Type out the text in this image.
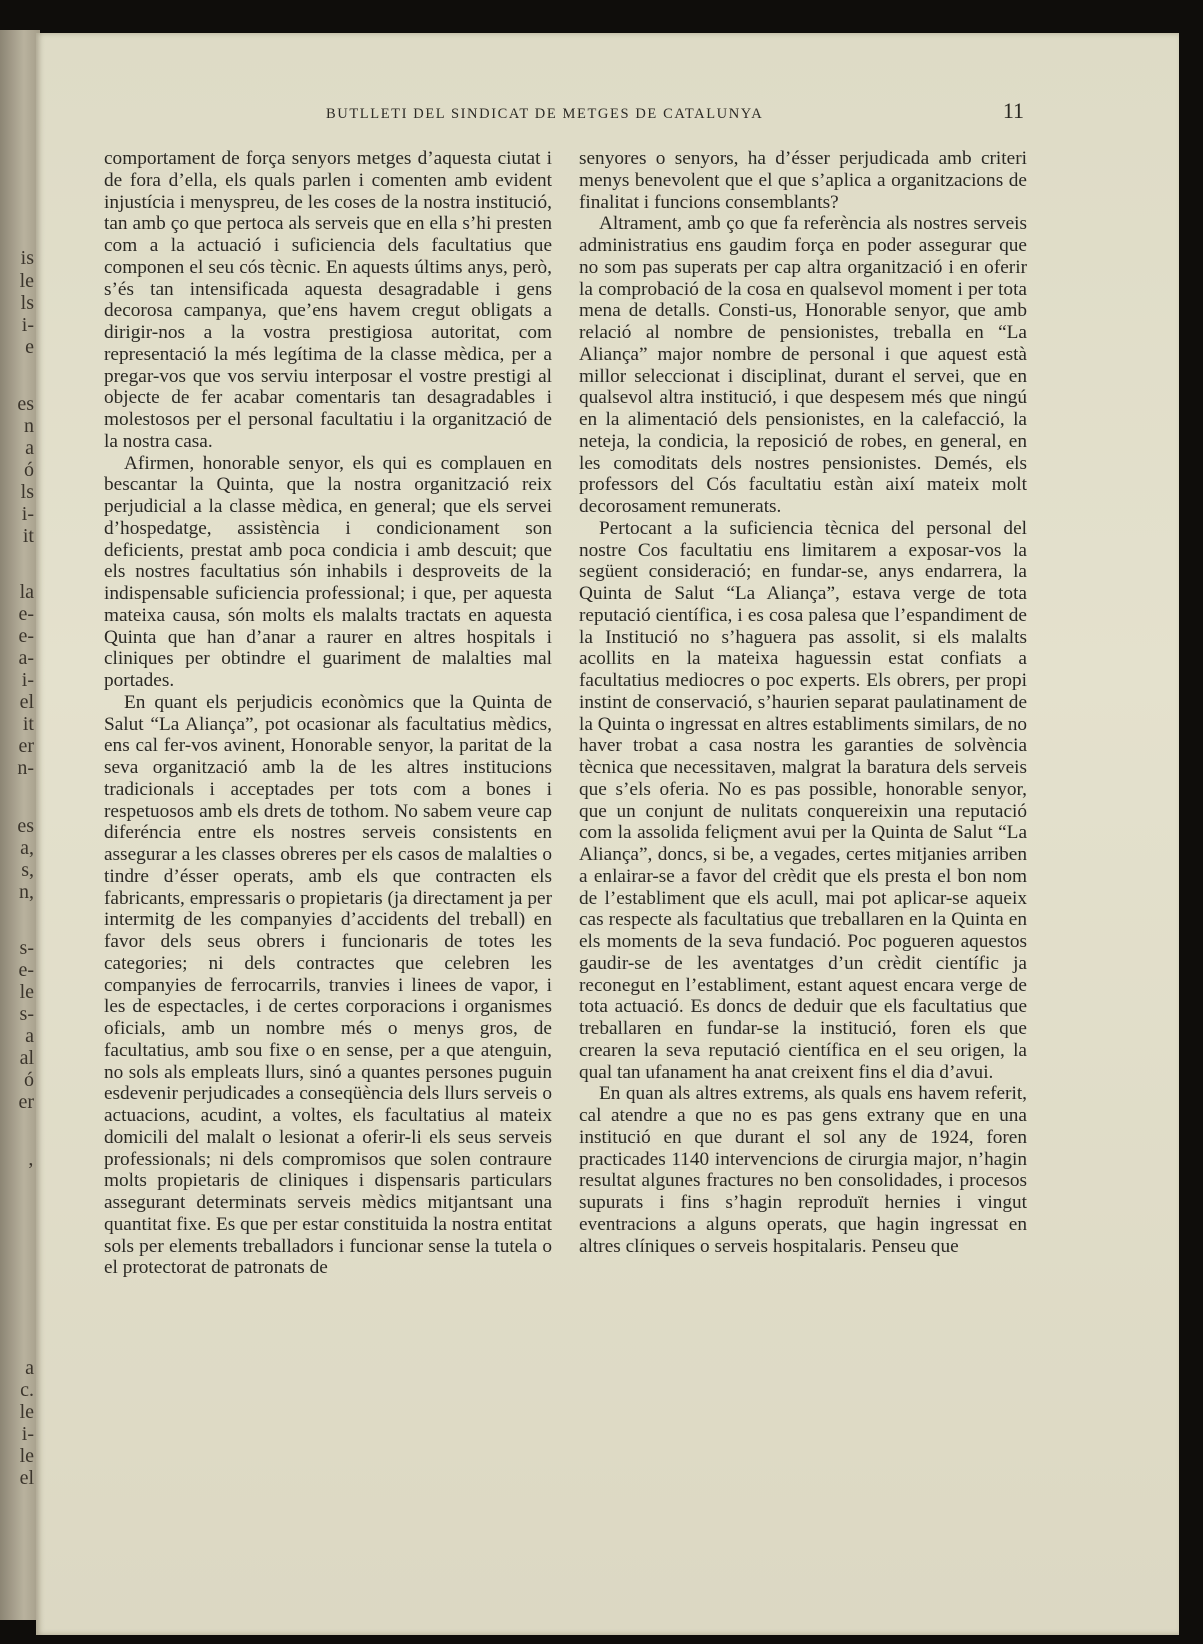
is
le
ls
i-
e
es
n
a
ó
ls
i-
it
la
e-
e-
a-
i-
el
it
er
n-
es
a,
s,
n,
s-
e-
le
s-
a
al
ó
er
’
a
c.
le
i-
le
el
BUTLLETI DEL SINDICAT DE METGES DE CATALUNYA	11

comportament de força senyors metges d’aquesta ciutat i de fora d’ella, els quals parlen i comenten amb evident injustícia i menyspreu, de les coses de la nostra institució, tan amb ço que pertoca als serveis que en ella s’hi presten com a la actuació i suficiencia dels facultatius que componen el seu cós tècnic. En aquests últims anys, però, s’és tan intensificada aquesta desagradable i gens decorosa campanya, que’ens havem cregut obligats a dirigir-nos a la vostra prestigiosa autoritat, com representació la més legítima de la classe mèdica, per a pregar-vos que vos serviu interposar el vostre prestigi al objecte de fer acabar comentaris tan desagradables i molestosos per el personal facultatiu i la organització de la nostra casa.

Afirmen, honorable senyor, els qui es complauen en bescantar la Quinta, que la nostra organització reix perjudicial a la classe mèdica, en general; que els servei d’hospedatge, assistència i condicionament son deficients, prestat amb poca condicia i amb descuit; que els nostres facultatius són inhabils i desproveits de la indispensable suficiencia professional; i que, per aquesta mateixa causa, són molts els malalts tractats en aquesta Quinta que han d’anar a raurer en altres hospitals i cliniques per obtindre el guariment de malalties mal portades.

En quant els perjudicis econòmics que la Quinta de Salut “La Aliança”, pot ocasionar als facultatius mèdics, ens cal fer-vos avinent, Honorable senyor, la paritat de la seva organització amb la de les altres institucions tradicionals i acceptades per tots com a bones i respetuosos amb els drets de tothom. No sabem veure cap diferéncia entre els nostres serveis consistents en assegurar a les classes obreres per els casos de malalties o tindre d’ésser operats, amb els que contracten els fabricants, empressaris o propietaris (ja directament ja per intermitg de les companyies d’accidents del treball) en favor dels seus obrers i funcionaris de totes les categories; ni dels contractes que celebren les companyies de ferrocarrils, tranvies i linees de vapor, i les de espectacles, i de certes corporacions i organismes oficials, amb un nombre més o menys gros, de facultatius, amb sou fixe o en sense, per a que atenguin, no sols als empleats llurs, sinó a quantes persones puguin esdevenir perjudicades a conseqüència dels llurs serveis o actuacions, acudint, a voltes, els facultatius al mateix domicili del malalt o lesionat a oferir-li els seus serveis professionals; ni dels compromisos que solen contraure molts propietaris de cliniques i dispensaris particulars assegurant determinats serveis mèdics mitjantsant una quantitat fixe. Es que per estar constituida la nostra entitat sols per elements treballadors i funcionar sense la tutela o el protectorat de patronats de

senyores o senyors, ha d’ésser perjudicada amb criteri menys benevolent que el que s’aplica a organitzacions de finalitat i funcions consemblants?

Altrament, amb ço que fa referència als nostres serveis administratius ens gaudim força en poder assegurar que no som pas superats per cap altra organització i en oferir la comprobació de la cosa en qualsevol moment i per tota mena de detalls. Consti-us, Honorable senyor, que amb relació al nombre de pensionistes, treballa en “La Aliança” major nombre de personal i que aquest està millor seleccionat i disciplinat, durant el servei, que en qualsevol altra institució, i que despesem més que ningú en la alimentació dels pensionistes, en la calefacció, la neteja, la condicia, la reposició de robes, en general, en les comoditats dels nostres pensionistes. Demés, els professors del Cós facultatiu estàn així mateix molt decorosament remunerats.

Pertocant a la suficiencia tècnica del personal del nostre Cos facultatiu ens limitarem a exposar-vos la següent consideració; en fundar-se, anys endarrera, la Quinta de Salut “La Aliança”, estava verge de tota reputació científica, i es cosa palesa que l’espandiment de la Institució no s’haguera pas assolit, si els malalts acollits en la mateixa haguessin estat confiats a facultatius mediocres o poc experts. Els obrers, per propi instint de conservació, s’haurien separat paulatinament de la Quinta o ingressat en altres establiments similars, de no haver trobat a casa nostra les garanties de solvència tècnica que necessitaven, malgrat la baratura dels serveis que s’els oferia. No es pas possible, honorable senyor, que un conjunt de nulitats conquereixin una reputació com la assolida feliçment avui per la Quinta de Salut “La Aliança”, doncs, si be, a vegades, certes mitjanies arriben a enlairar-se a favor del crèdit que els presta el bon nom de l’establiment que els acull, mai pot aplicar-se aqueix cas respecte als facultatius que treballaren en la Quinta en els moments de la seva fundació. Poc pogueren aquestos gaudir-se de les aventatges d’un crèdit científic ja reconegut en l’establiment, estant aquest encara verge de tota actuació. Es doncs de deduir que els facultatius que treballaren en fundar-se la institució, foren els que crearen la seva reputació científica en el seu origen, la qual tan ufanament ha anat creixent fins el dia d’avui.

En quan als altres extrems, als quals ens havem referit, cal atendre a que no es pas gens extrany que en una institució en que durant el sol any de 1924, foren practicades 1140 intervencions de cirurgia major, n’hagin resultat algunes fractures no ben consolidades, i procesos supurats i fins s’hagin reproduït hernies i vingut eventracions a alguns operats, que hagin ingressat en altres clíniques o serveis hospitalaris. Penseu que
